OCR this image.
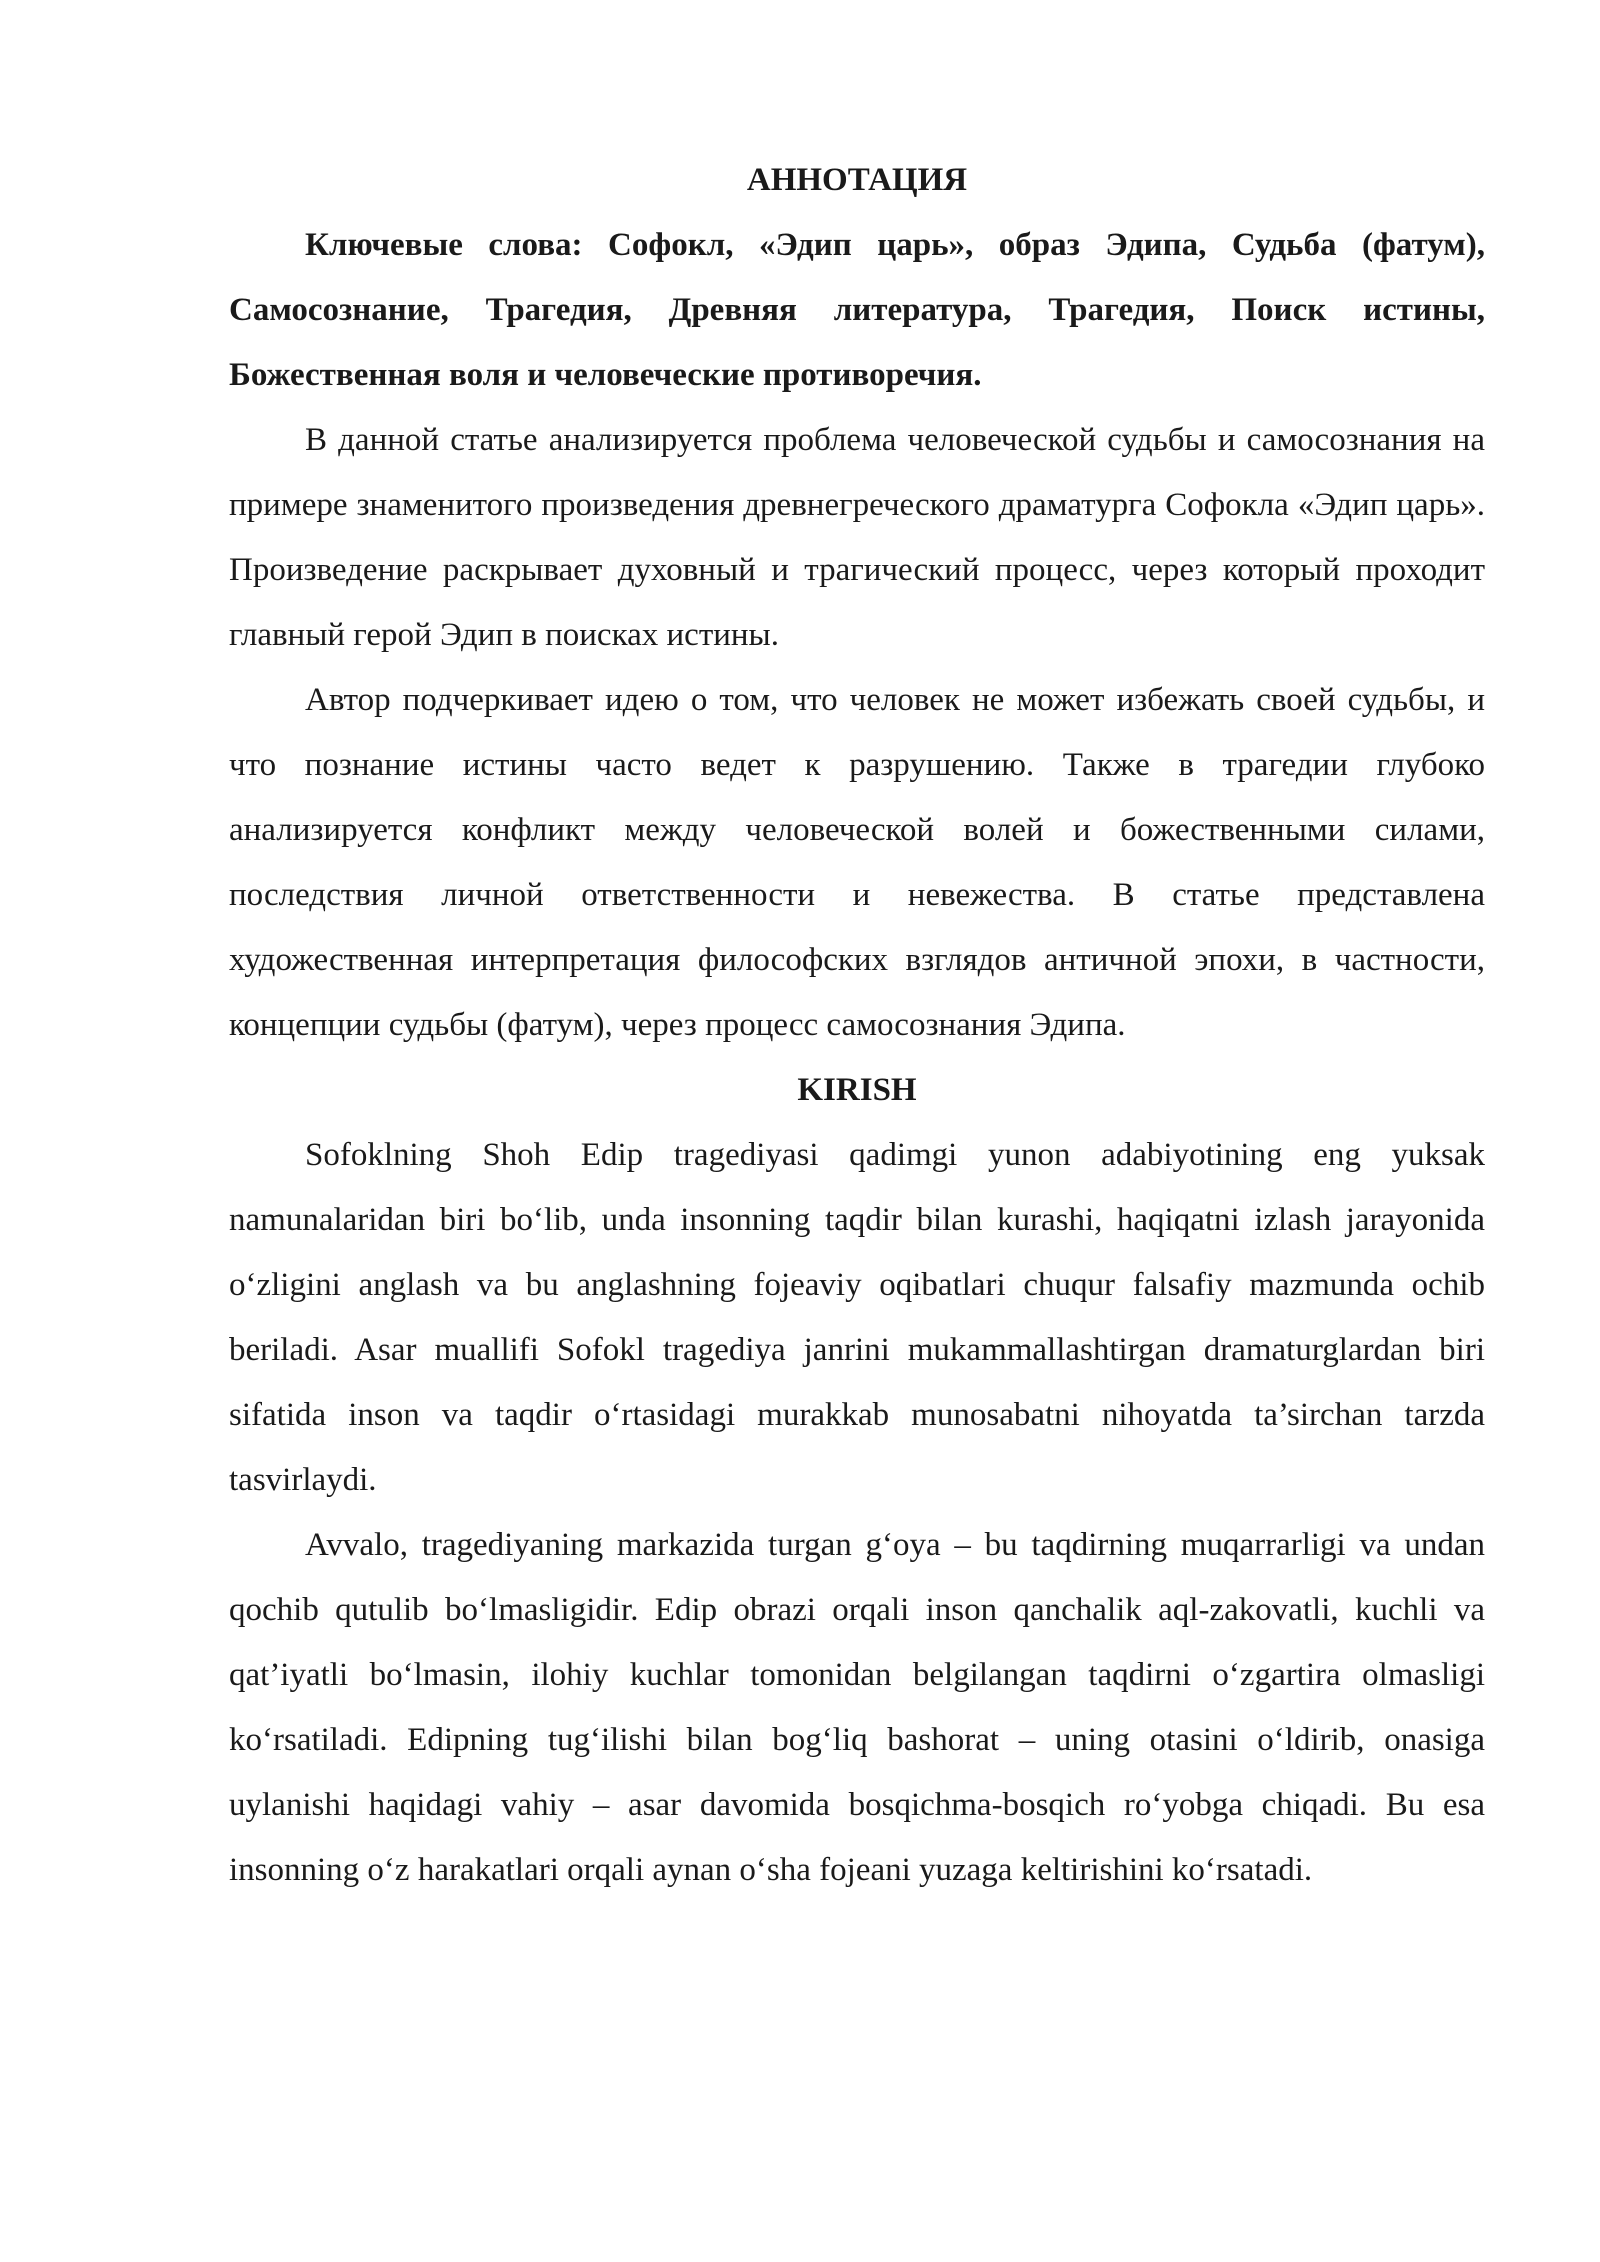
АННОТАЦИЯ

Ключевые слова: Софокл, «Эдип царь», образ Эдипа, Судьба (фатум), Самосознание, Трагедия, Древняя литература, Трагедия, Поиск истины, Божественная воля и человеческие противоречия.

В данной статье анализируется проблема человеческой судьбы и самосознания на примере знаменитого произведения древнегреческого драматурга Софокла «Эдип царь». Произведение раскрывает духовный и трагический процесс, через который проходит главный герой Эдип в поисках истины.

Автор подчеркивает идею о том, что человек не может избежать своей судьбы, и что познание истины часто ведет к разрушению. Также в трагедии глубоко анализируется конфликт между человеческой волей и божественными силами, последствия личной ответственности и невежества. В статье представлена художественная интерпретация философских взглядов античной эпохи, в частности, концепции судьбы (фатум), через процесс самосознания Эдипа.

KIRISH

Sofoklning Shoh Edip tragediyasi qadimgi yunon adabiyotining eng yuksak namunalaridan biri boʻlib, unda insonning taqdir bilan kurashi, haqiqatni izlash jarayonida oʻzligini anglash va bu anglashning fojeaviy oqibatlari chuqur falsafiy mazmunda ochib beriladi. Asar muallifi Sofokl tragediya janrini mukammallashtirgan dramaturglardan biri sifatida inson va taqdir oʻrtasidagi murakkab munosabatni nihoyatda ta’sirchan tarzda tasvirlaydi.

Avvalo, tragediyaning markazida turgan gʻoya – bu taqdirning muqarrarligi va undan qochib qutulib boʻlmasligidir. Edip obrazi orqali inson qanchalik aql-zakovatli, kuchli va qat’iyatli boʻlmasin, ilohiy kuchlar tomonidan belgilangan taqdirni oʻzgartira olmasligi koʻrsatiladi. Edipning tugʻilishi bilan bogʻliq bashorat – uning otasini oʻldirib, onasiga uylanishi haqidagi vahiy – asar davomida bosqichma-bosqich roʻyobga chiqadi. Bu esa insonning oʻz harakatlari orqali aynan oʻsha fojeani yuzaga keltirishini koʻrsatadi.
